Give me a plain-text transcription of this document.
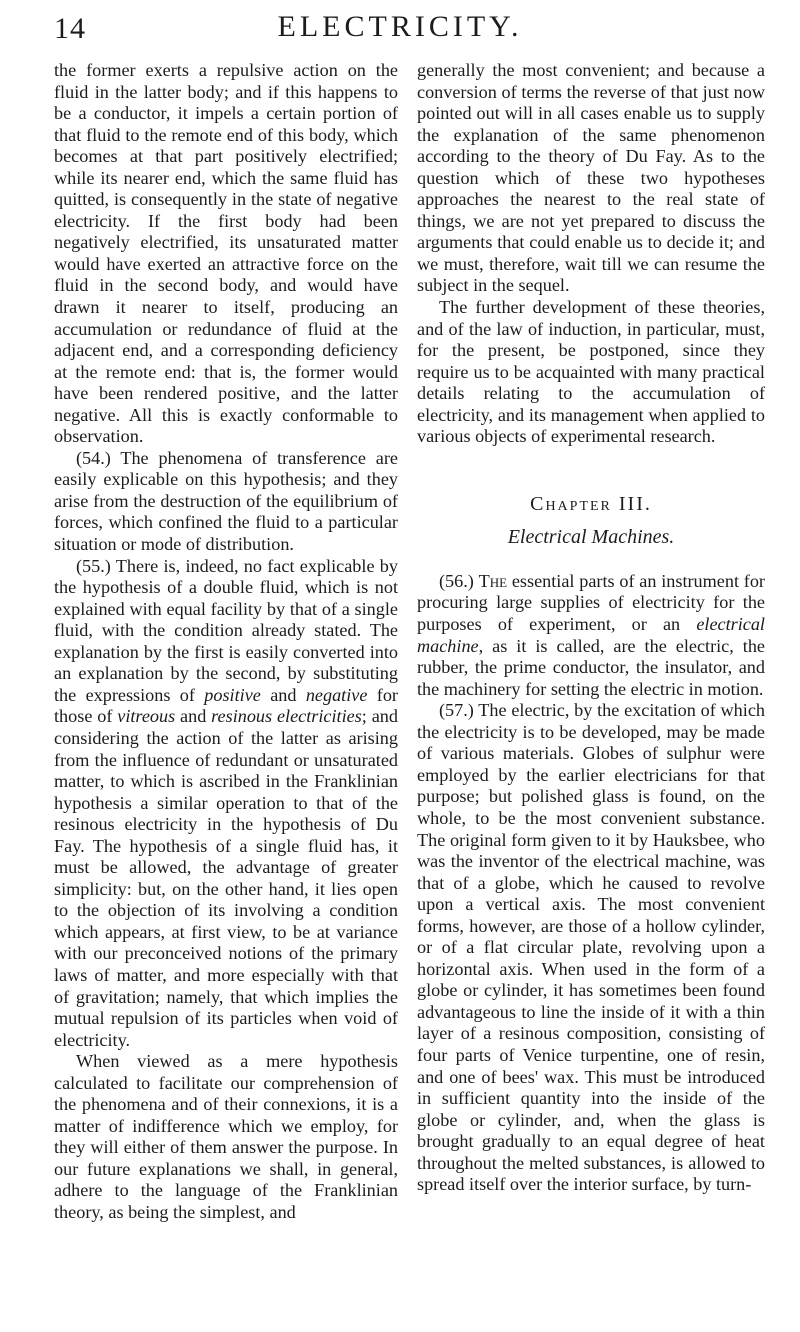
14	ELECTRICITY.

the former exerts a repulsive action on the fluid in the latter body; and if this happens to be a conductor, it impels a certain portion of that fluid to the remote end of this body, which becomes at that part positively electrified; while its nearer end, which the same fluid has quitted, is consequently in the state of negative electricity. If the first body had been negatively electrified, its unsaturated matter would have exerted an attractive force on the fluid in the second body, and would have drawn it nearer to itself, producing an accumulation or redundance of fluid at the adjacent end, and a corresponding deficiency at the remote end: that is, the former would have been rendered positive, and the latter negative. All this is exactly conformable to observation.

(54.) The phenomena of transference are easily explicable on this hypothesis; and they arise from the destruction of the equilibrium of forces, which confined the fluid to a particular situation or mode of distribution.

(55.) There is, indeed, no fact explicable by the hypothesis of a double fluid, which is not explained with equal facility by that of a single fluid, with the condition already stated. The explanation by the first is easily converted into an explanation by the second, by substituting the expressions of positive and negative for those of vitreous and resinous electricities; and considering the action of the latter as arising from the influence of redundant or unsaturated matter, to which is ascribed in the Franklinian hypothesis a similar operation to that of the resinous electricity in the hypothesis of Du Fay. The hypothesis of a single fluid has, it must be allowed, the advantage of greater simplicity: but, on the other hand, it lies open to the objection of its involving a condition which appears, at first view, to be at variance with our preconceived notions of the primary laws of matter, and more especially with that of gravitation; namely, that which implies the mutual repulsion of its particles when void of electricity.

When viewed as a mere hypothesis calculated to facilitate our comprehension of the phenomena and of their connexions, it is a matter of indifference which we employ, for they will either of them answer the purpose. In our future explanations we shall, in general, adhere to the language of the Franklinian theory, as being the simplest, and

generally the most convenient; and because a conversion of terms the reverse of that just now pointed out will in all cases enable us to supply the explanation of the same phenomenon according to the theory of Du Fay. As to the question which of these two hypotheses approaches the nearest to the real state of things, we are not yet prepared to discuss the arguments that could enable us to decide it; and we must, therefore, wait till we can resume the subject in the sequel.

The further development of these theories, and of the law of induction, in particular, must, for the present, be postponed, since they require us to be acquainted with many practical details relating to the accumulation of electricity, and its management when applied to various objects of experimental research.

Chapter III.
Electrical Machines.

(56.) The essential parts of an instrument for procuring large supplies of electricity for the purposes of experiment, or an electrical machine, as it is called, are the electric, the rubber, the prime conductor, the insulator, and the machinery for setting the electric in motion.

(57.) The electric, by the excitation of which the electricity is to be developed, may be made of various materials. Globes of sulphur were employed by the earlier electricians for that purpose; but polished glass is found, on the whole, to be the most convenient substance. The original form given to it by Hauksbee, who was the inventor of the electrical machine, was that of a globe, which he caused to revolve upon a vertical axis. The most convenient forms, however, are those of a hollow cylinder, or of a flat circular plate, revolving upon a horizontal axis. When used in the form of a globe or cylinder, it has sometimes been found advantageous to line the inside of it with a thin layer of a resinous composition, consisting of four parts of Venice turpentine, one of resin, and one of bees' wax. This must be introduced in sufficient quantity into the inside of the globe or cylinder, and, when the glass is brought gradually to an equal degree of heat throughout the melted substances, is allowed to spread itself over the interior surface, by turn-
